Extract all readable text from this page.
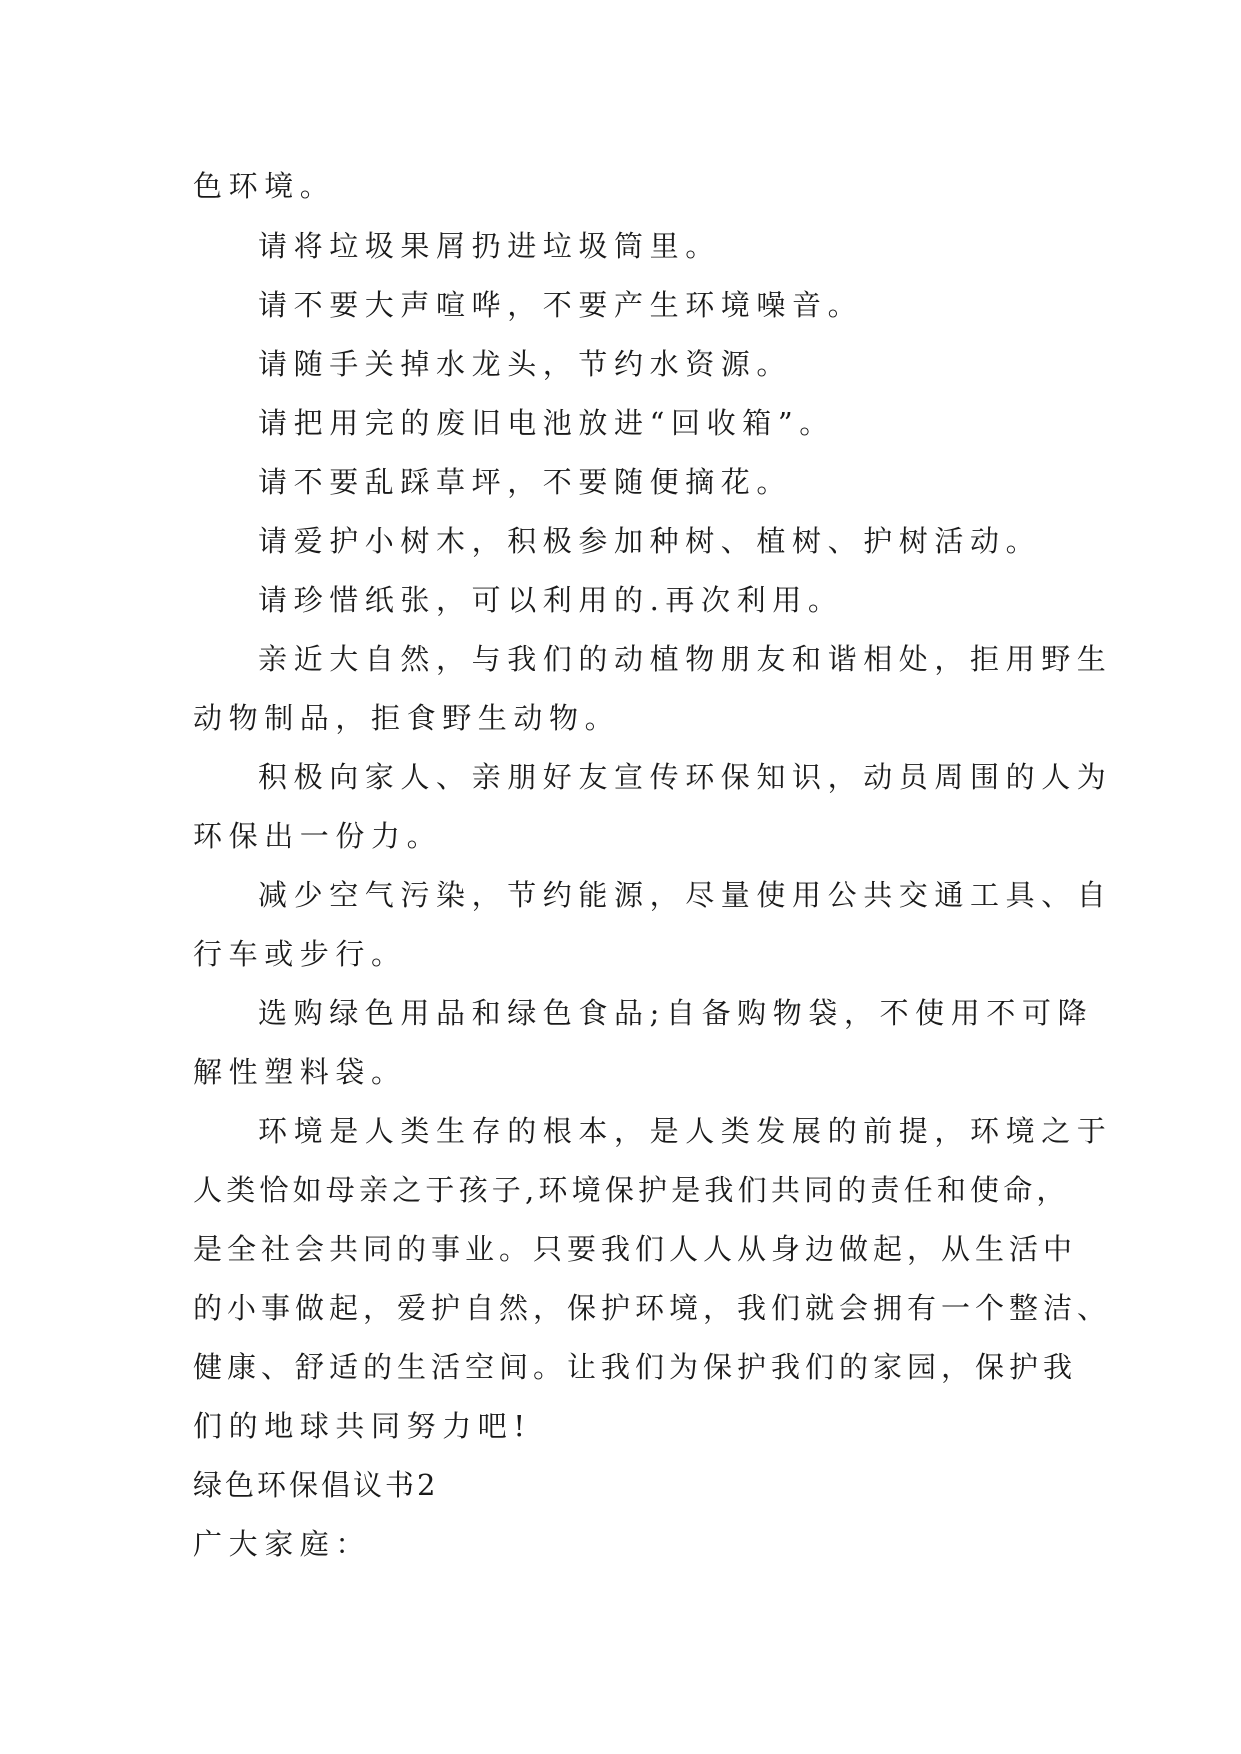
色环境。
请将垃圾果屑扔进垃圾筒里。
请不要大声喧哗，不要产生环境噪音。
请随手关掉水龙头，节约水资源。
请把用完的废旧电池放进“回收箱”。
请不要乱踩草坪，不要随便摘花。
请爱护小树木，积极参加种树、植树、护树活动。
请珍惜纸张，可以利用的.再次利用。
亲近大自然，与我们的动植物朋友和谐相处，拒用野生
动物制品，拒食野生动物。
积极向家人、亲朋好友宣传环保知识，动员周围的人为
环保出一份力。
减少空气污染，节约能源，尽量使用公共交通工具、自
行车或步行。
选购绿色用品和绿色食品;自备购物袋，不使用不可降
解性塑料袋。
环境是人类生存的根本，是人类发展的前提，环境之于
人类恰如母亲之于孩子,环境保护是我们共同的责任和使命，
是全社会共同的事业。只要我们人人从身边做起，从生活中
的小事做起，爱护自然，保护环境，我们就会拥有一个整洁、
健康、舒适的生活空间。让我们为保护我们的家园，保护我
们的地球共同努力吧!
绿色环保倡议书2
广大家庭：
